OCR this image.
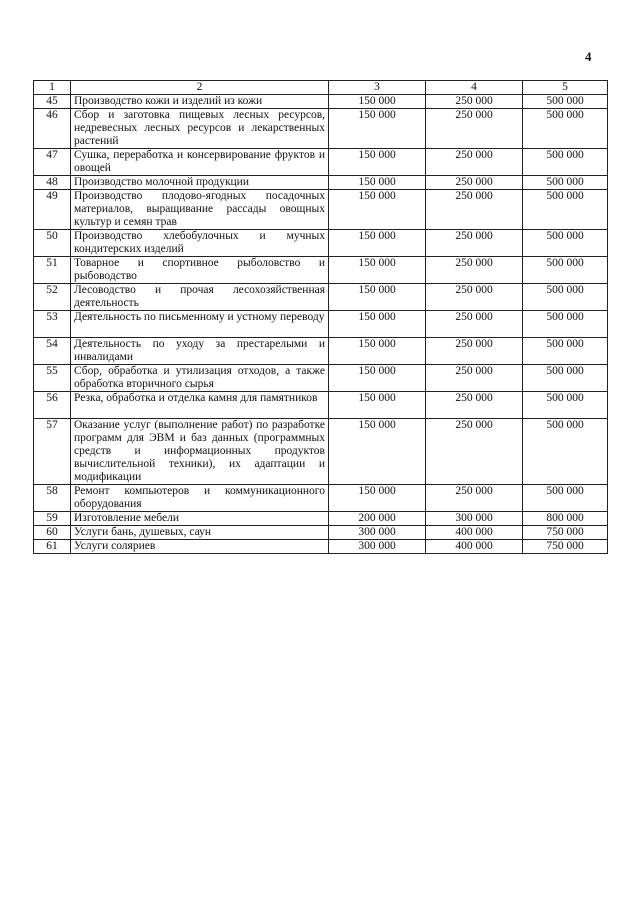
4
1	2	3	4	5
45	Производство кожи и изделий из кожи	150 000	250 000	500 000
46	Сбор и заготовка пищевых лесных ресурсов, недревесных лесных ресурсов и лекарственных растений	150 000	250 000	500 000
47	Сушка, переработка и консервирование фруктов и овощей	150 000	250 000	500 000
48	Производство молочной продукции	150 000	250 000	500 000
49	Производство плодово-ягодных посадочных материалов, выращивание рассады овощных культур и семян трав	150 000	250 000	500 000
50	Производство хлебобулочных и мучных кондитерских изделий	150 000	250 000	500 000
51	Товарное и спортивное рыболовство и рыбоводство	150 000	250 000	500 000
52	Лесоводство и прочая лесохозяйственная деятельность	150 000	250 000	500 000
53	Деятельность по письменному и устному переводу	150 000	250 000	500 000
54	Деятельность по уходу за престарелыми и инвалидами	150 000	250 000	500 000
55	Сбор, обработка и утилизация отходов, а также обработка вторичного сырья	150 000	250 000	500 000
56	Резка, обработка и отделка камня для памятников	150 000	250 000	500 000
57	Оказание услуг (выполнение работ) по разработке программ для ЭВМ и баз данных (программных средств и информационных продуктов вычислительной техники), их адаптации и модификации	150 000	250 000	500 000
58	Ремонт компьютеров и коммуникационного оборудования	150 000	250 000	500 000
59	Изготовление мебели	200 000	300 000	800 000
60	Услуги бань, душевых, саун	300 000	400 000	750 000
61	Услуги соляриев	300 000	400 000	750 000
